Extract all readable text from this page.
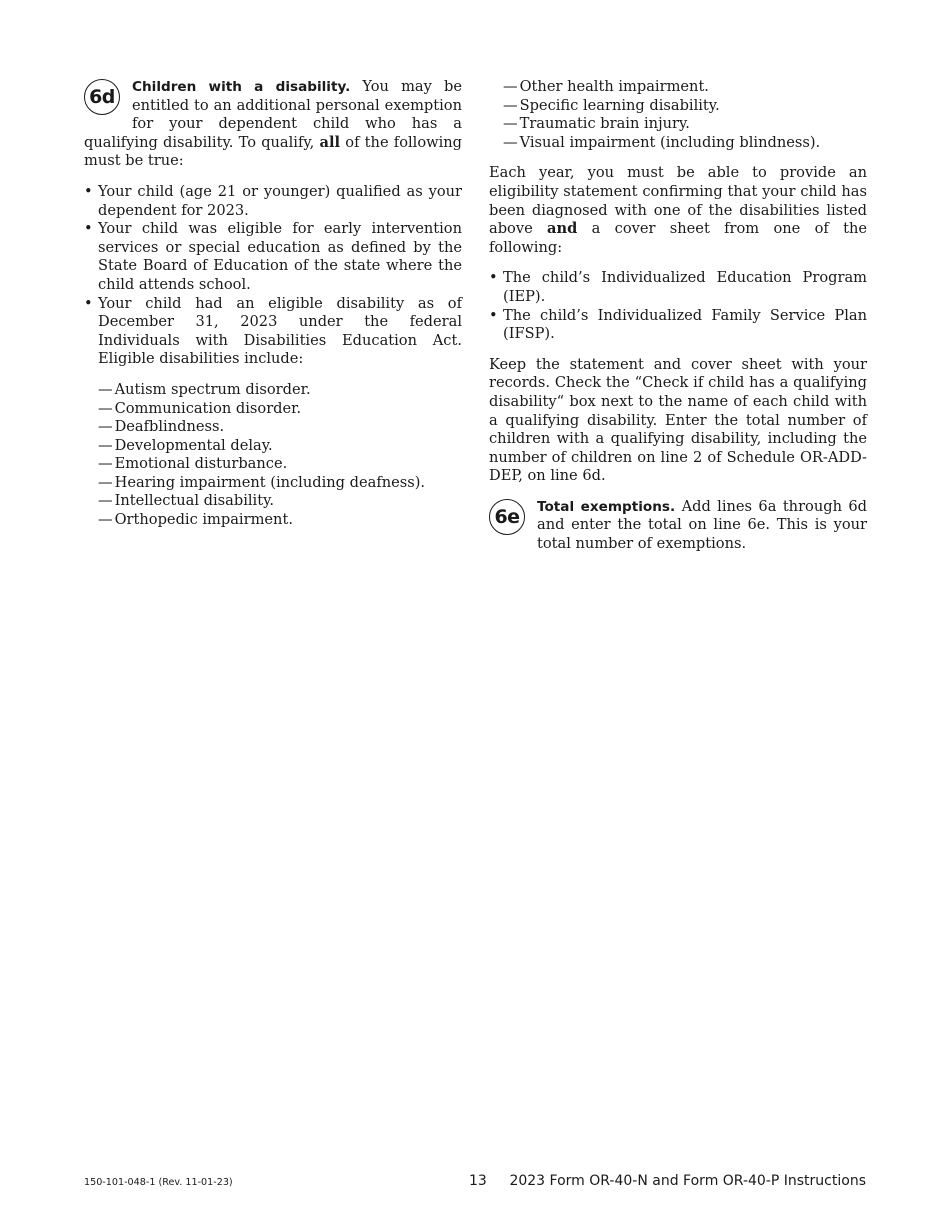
6d	Children with a disability. You may be entitled to an additional personal exemption for your dependent child who has a qualifying disability. To qualify, all of the following must be true:

• Your child (age 21 or younger) qualified as your dependent for 2023.
• Your child was eligible for early intervention services or special education as defined by the State Board of Education of the state where the child attends school.
• Your child had an eligible disability as of December 31, 2023 under the federal Individuals with Disabilities Education Act. Eligible disabilities include:
— Autism spectrum disorder.
— Communication disorder.
— Deafblindness.
— Developmental delay.
— Emotional disturbance.
— Hearing impairment (including deafness).
— Intellectual disability.
— Orthopedic impairment.
— Other health impairment.
— Specific learning disability.
— Traumatic brain injury.
— Visual impairment (including blindness).

Each year, you must be able to provide an eligibility statement confirming that your child has been diagnosed with one of the disabilities listed above and a cover sheet from one of the following:

• The child’s Individualized Education Program (IEP).
• The child’s Individualized Family Service Plan (IFSP).

Keep the statement and cover sheet with your records. Check the “Check if child has a qualifying disability“ box next to the name of each child with a qualifying disability. Enter the total number of children with a qualifying disability, including the number of children on line 2 of Schedule OR-ADD-DEP, on line 6d.

6e	Total exemptions. Add lines 6a through 6d and enter the total on line 6e. This is your total number of exemptions.

150-101-048-1 (Rev. 11-01-23)	13 2023 Form OR-40-N and Form OR-40-P Instructions
